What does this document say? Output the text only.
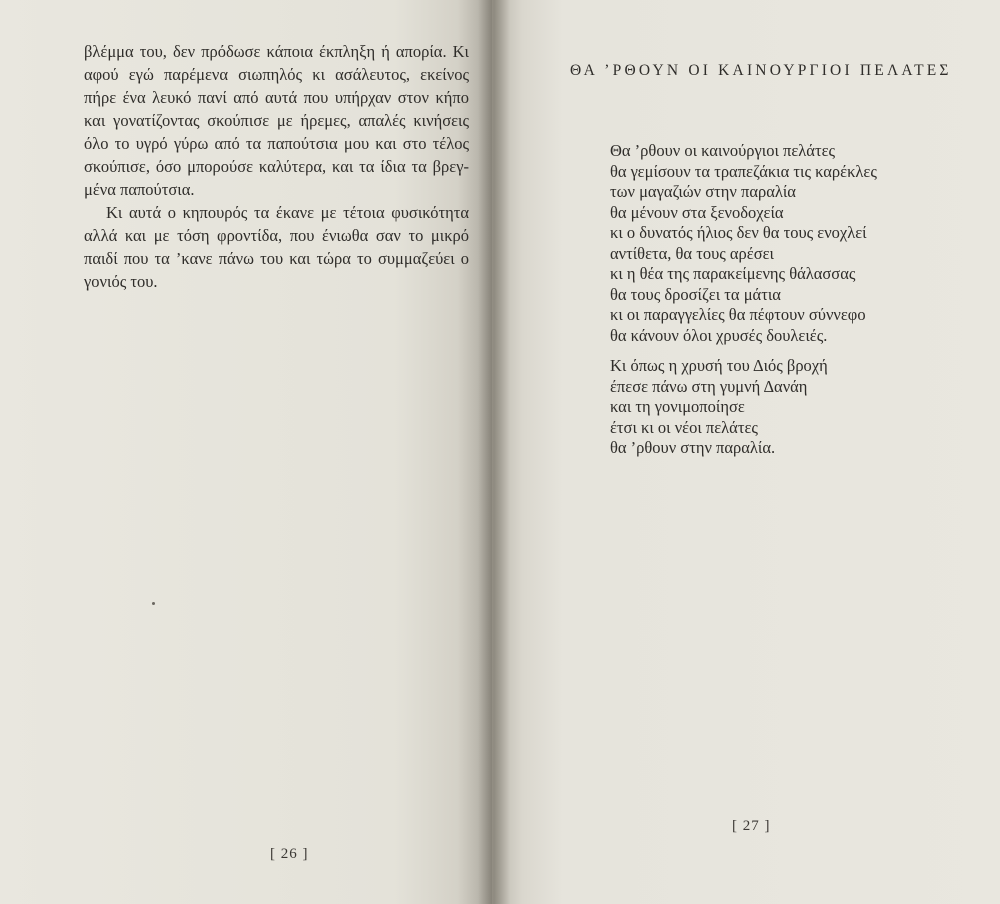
βλέμμα του, δεν πρόδωσε κάποια έκπληξη ή απορία. Κι
αφού εγώ παρέμενα σιωπηλός κι ασάλευτος, εκείνος
πήρε ένα λευκό πανί από αυτά που υπήρχαν στον κήπο
και γονατίζοντας σκούπισε με ήρεμες, απαλές κινήσεις
όλο το υγρό γύρω από τα παπούτσια μου και στο τέλος
σκούπισε, όσο μπορούσε καλύτερα, και τα ίδια τα βρεγ-
μένα παπούτσια.
Κι αυτά ο κηπουρός τα έκανε με τέτοια φυσικότητα
αλλά και με τόση φροντίδα, που ένιωθα σαν το μικρό
παιδί που τα ’κανε πάνω του και τώρα το συμμαζεύει ο
γονιός του.
[ 26 ]
ΘΑ ’ΡΘΟΥΝ ΟΙ ΚΑΙΝΟΥΡΓΙΟΙ ΠΕΛΑΤΕΣ
Θα ’ρθουν οι καινούργιοι πελάτες
θα γεμίσουν τα τραπεζάκια τις καρέκλες
των μαγαζιών στην παραλία
θα μένουν στα ξενοδοχεία
κι ο δυνατός ήλιος δεν θα τους ενοχλεί
αντίθετα, θα τους αρέσει
κι η θέα της παρακείμενης θάλασσας
θα τους δροσίζει τα μάτια
κι οι παραγγελίες θα πέφτουν σύννεφο
θα κάνουν όλοι χρυσές δουλειές.
Κι όπως η χρυσή του Διός βροχή
έπεσε πάνω στη γυμνή Δανάη
και τη γονιμοποίησε
έτσι κι οι νέοι πελάτες
θα ’ρθουν στην παραλία.
[ 27 ]
